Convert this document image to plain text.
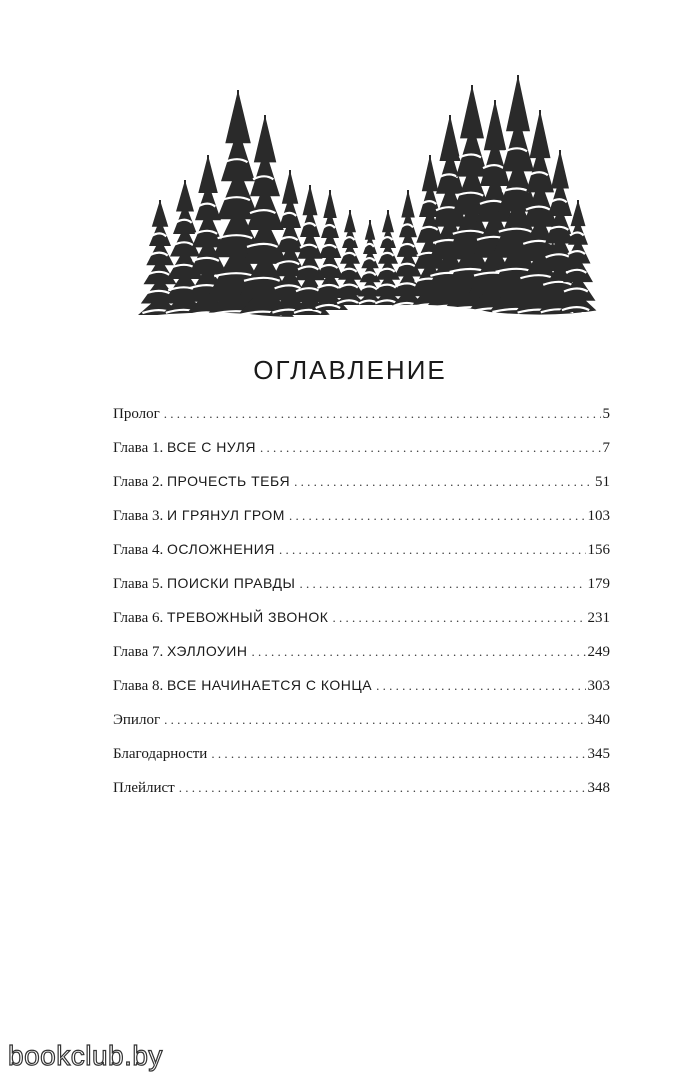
ОГЛАВЛЕНИЕ
Пролог . . .	5
Глава 1. ВСЕ С НУЛЯ . . .	7
Глава 2. ПРОЧЕСТЬ ТЕБЯ . . .	51
Глава 3. И ГРЯНУЛ ГРОМ . . .	103
Глава 4. ОСЛОЖНЕНИЯ . . .	156
Глава 5. ПОИСКИ ПРАВДЫ . . .	179
Глава 6. ТРЕВОЖНЫЙ ЗВОНОК . . .	231
Глава 7. ХЭЛЛОУИН . . .	249
Глава 8. ВСЕ НАЧИНАЕТСЯ С КОНЦА . . .	303
Эпилог . . .	340
Благодарности . . .	345
Плейлист . . .	348
bookclub.by
